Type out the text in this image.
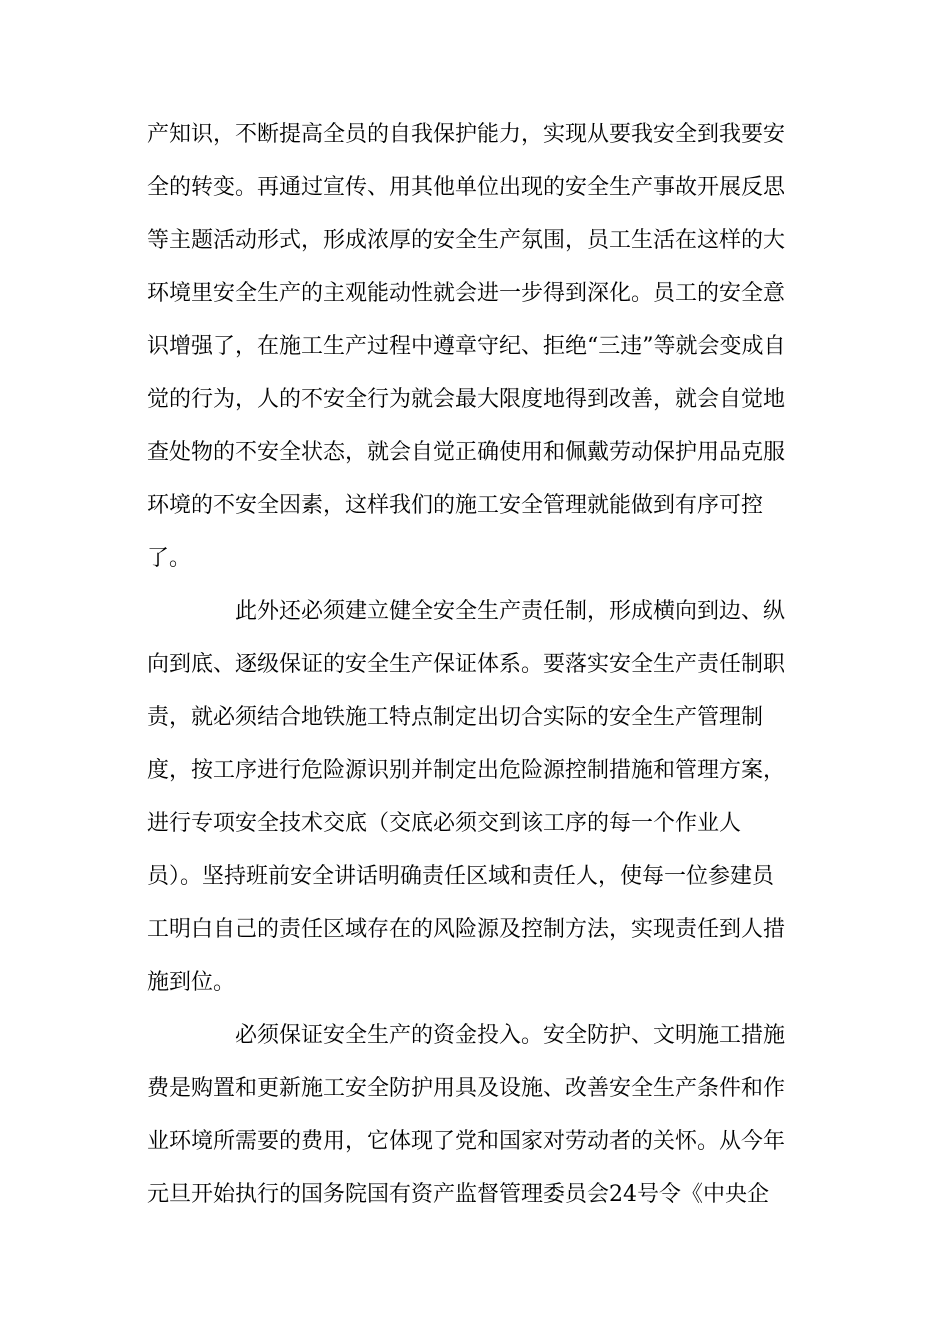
产知识，不断提高全员的自我保护能力，实现从要我安全到我要安
全的转变。再通过宣传、用其他单位出现的安全生产事故开展反思
等主题活动形式，形成浓厚的安全生产氛围，员工生活在这样的大
环境里安全生产的主观能动性就会进一步得到深化。员工的安全意
识增强了，在施工生产过程中遵章守纪、拒绝“三违”等就会变成自
觉的行为，人的不安全行为就会最大限度地得到改善，就会自觉地
查处物的不安全状态，就会自觉正确使用和佩戴劳动保护用品克服
环境的不安全因素，这样我们的施工安全管理就能做到有序可控
了。
此外还必须建立健全安全生产责任制，形成横向到边、纵
向到底、逐级保证的安全生产保证体系。要落实安全生产责任制职
责，就必须结合地铁施工特点制定出切合实际的安全生产管理制
度，按工序进行危险源识别并制定出危险源控制措施和管理方案，
进行专项安全技术交底（交底必须交到该工序的每一个作业人
员）。坚持班前安全讲话明确责任区域和责任人，使每一位参建员
工明白自己的责任区域存在的风险源及控制方法，实现责任到人措
施到位。
必须保证安全生产的资金投入。安全防护、文明施工措施
费是购置和更新施工安全防护用具及设施、改善安全生产条件和作
业环境所需要的费用，它体现了党和国家对劳动者的关怀。从今年
元旦开始执行的国务院国有资产监督管理委员会24号令《中央企
